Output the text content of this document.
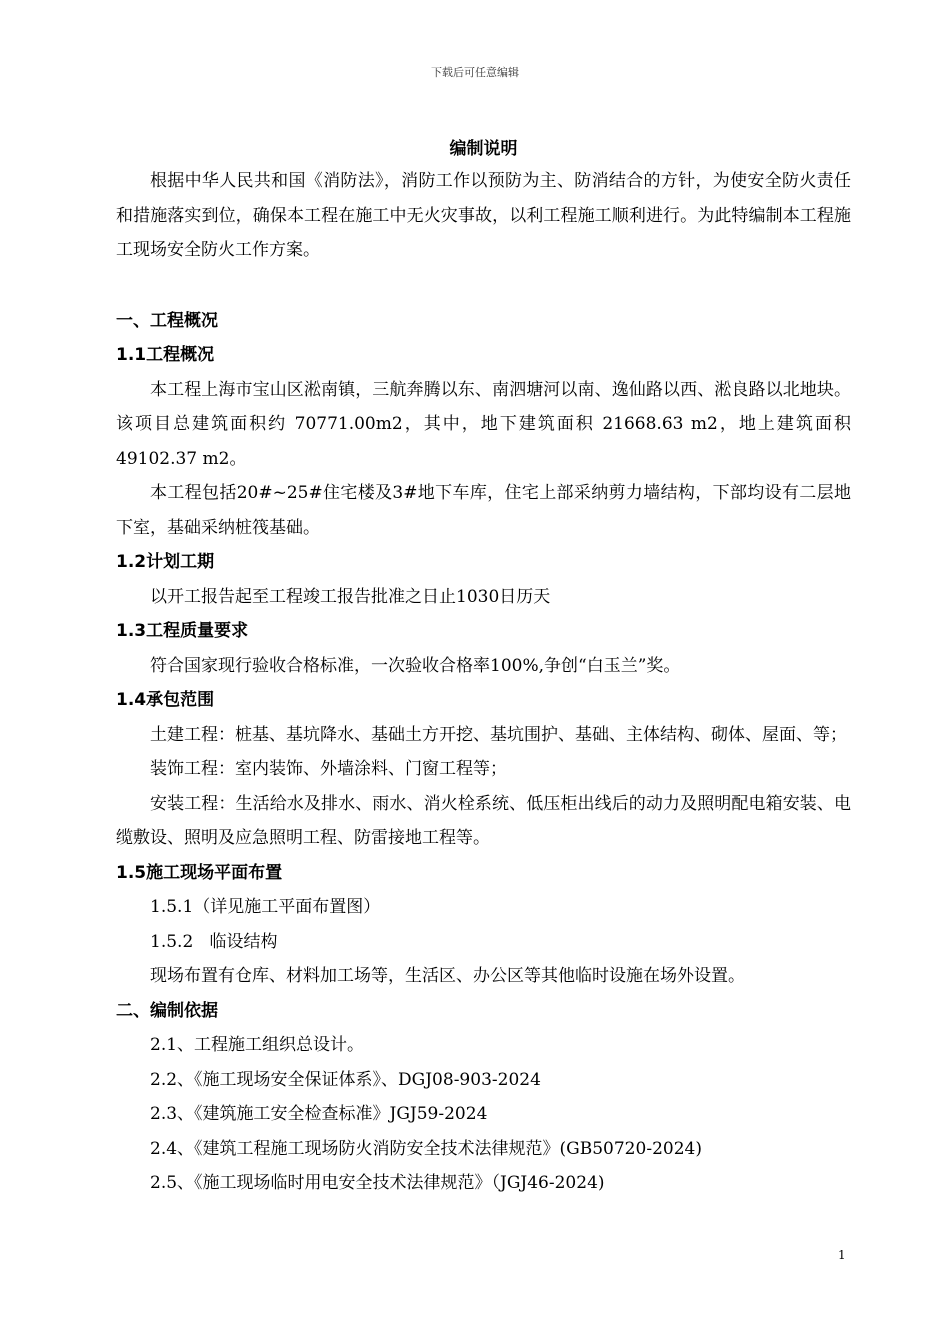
下载后可任意编辑
编制说明

根据中华人民共和国《消防法》，消防工作以预防为主、防消结合的方针，为使安全防火责任和措施落实到位，确保本工程在施工中无火灾事故，以利工程施工顺利进行。为此特编制本工程施工现场安全防火工作方案。

一、工程概况
1.1工程概况

本工程上海市宝山区淞南镇，三航奔腾以东、南泗塘河以南、逸仙路以西、淞良路以北地块。该项目总建筑面积约 70771.00m2，其中，地下建筑面积 21668.63 m2，地上建筑面积 49102.37 m2。

本工程包括20#~25#住宅楼及3#地下车库，住宅上部采纳剪力墙结构，下部均设有二层地下室，基础采纳桩筏基础。

1.2计划工期

以开工报告起至工程竣工报告批准之日止1030日历天

1.3工程质量要求

符合国家现行验收合格标准，一次验收合格率100%,争创“白玉兰”奖。

1.4承包范围

土建工程：桩基、基坑降水、基础土方开挖、基坑围护、基础、主体结构、砌体、屋面、等；

装饰工程：室内装饰、外墙涂料、门窗工程等；

安装工程：生活给水及排水、雨水、消火栓系统、低压柜出线后的动力及照明配电箱安装、电缆敷设、照明及应急照明工程、防雷接地工程等。

1.5施工现场平面布置

1.5.1（详见施工平面布置图）

1.5.2   临设结构

现场布置有仓库、材料加工场等，生活区、办公区等其他临时设施在场外设置。

二、编制依据

2.1、工程施工组织总设计。

2.2、《施工现场安全保证体系》、DGJ08-903-2024

2.3、《建筑施工安全检查标准》JGJ59-2024

2.4、《建筑工程施工现场防火消防安全技术法律规范》(GB50720-2024)

2.5、《施工现场临时用电安全技术法律规范》（JGJ46-2024)

1
